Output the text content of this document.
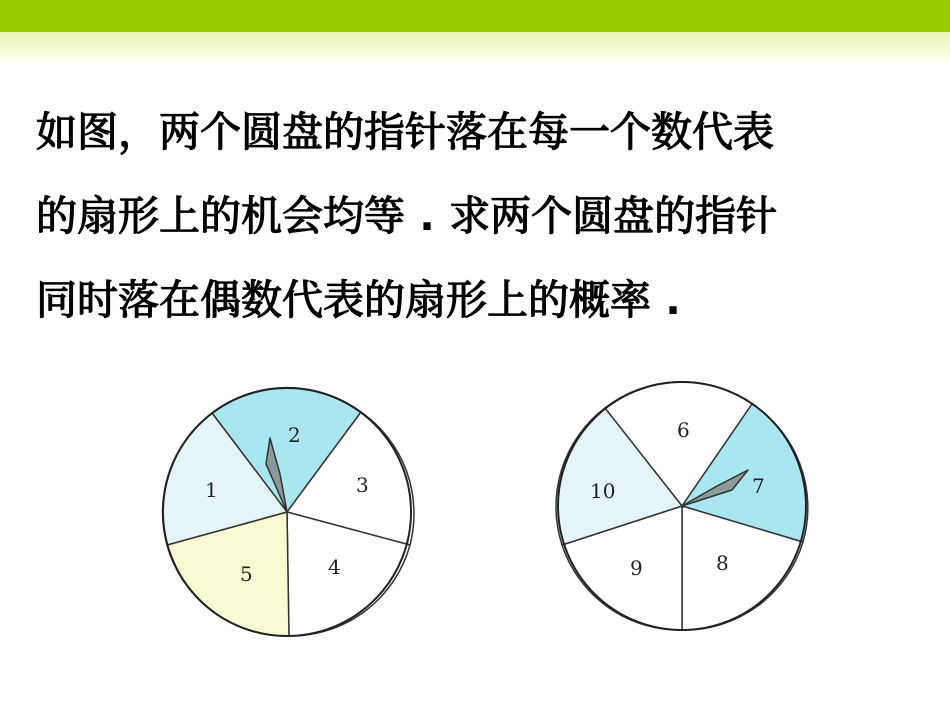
如图，两个圆盘的指针落在每一个数代表
的扇形上的机会均等 . 求两个圆盘的指针
同时落在偶数代表的扇形上的概率 .
1
2
3
4
5
6
7
8
9
10
